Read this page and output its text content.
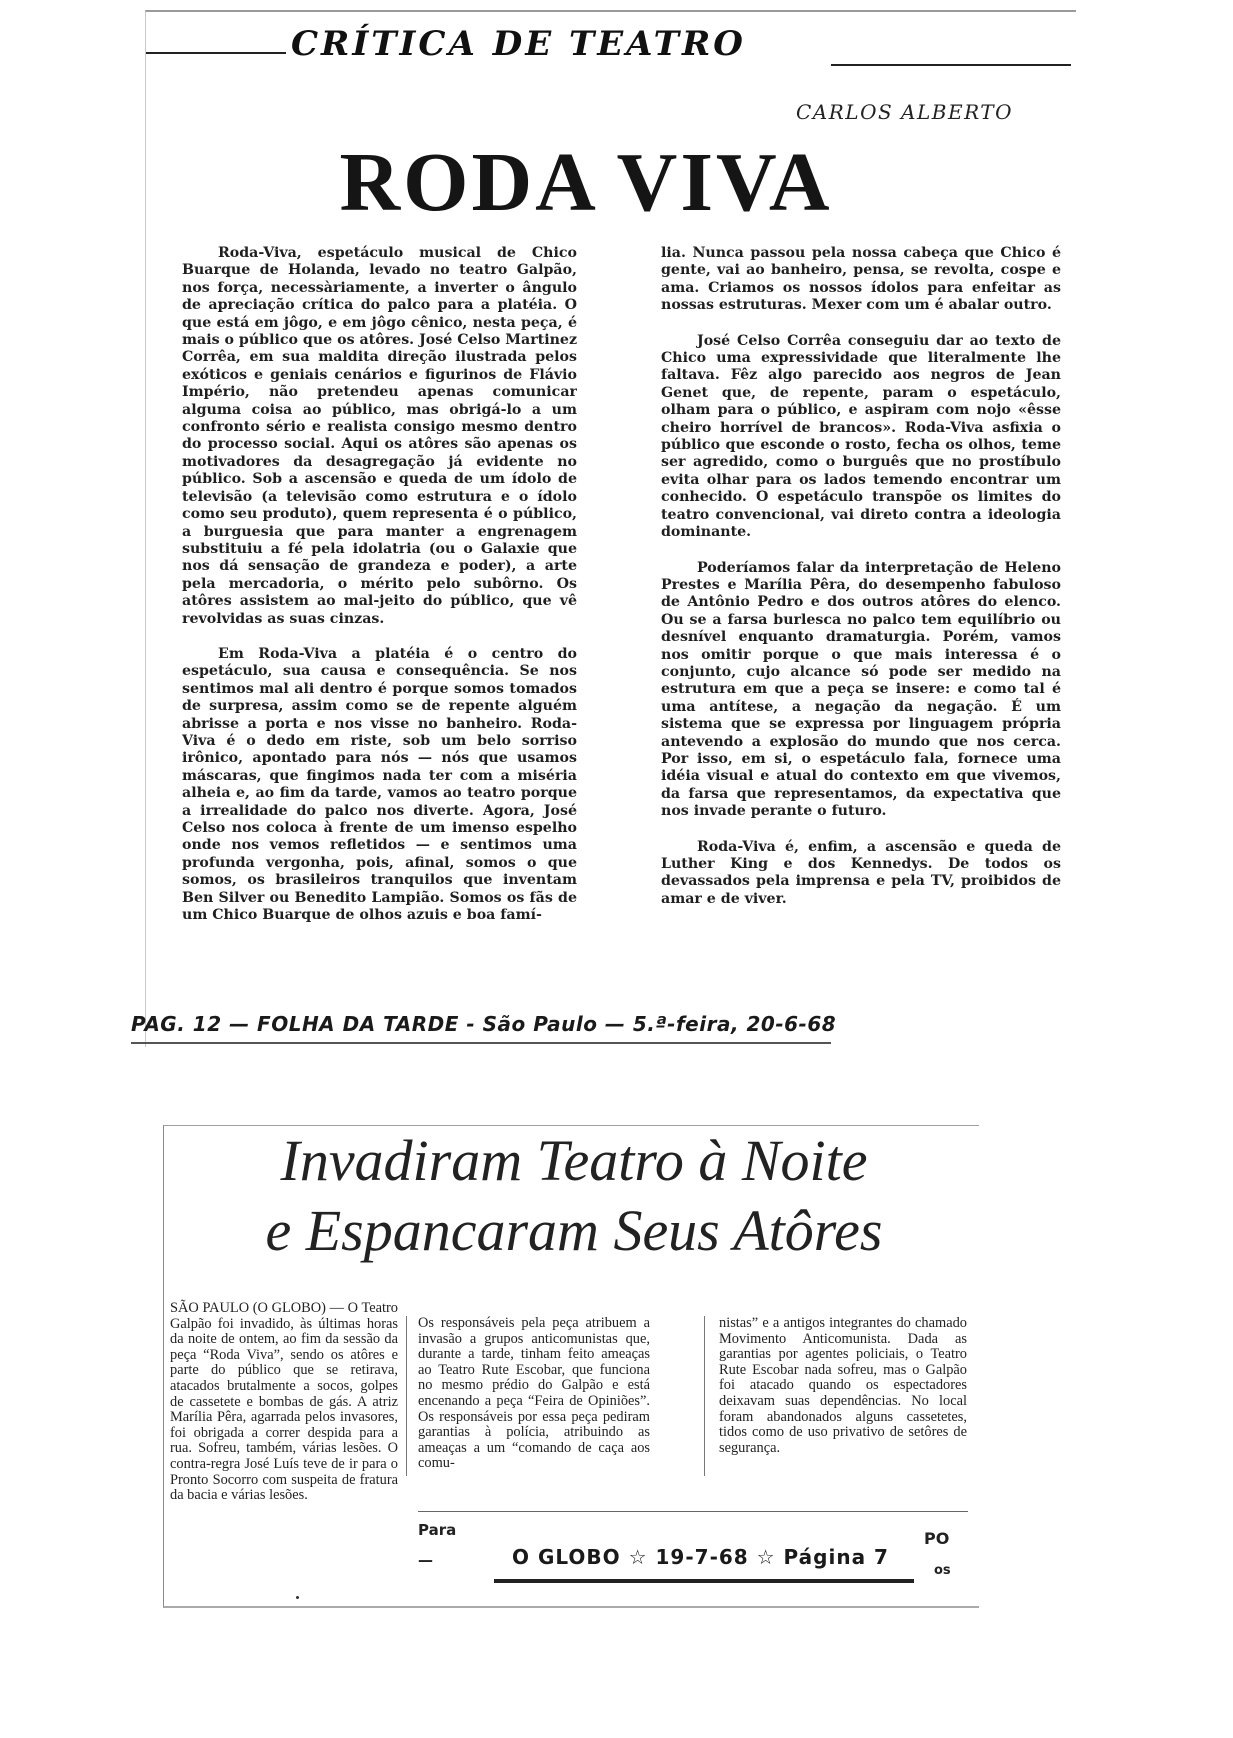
CRÍTICA DE TEATRO
CARLOS ALBERTO
RODA VIVA

Roda-Viva, espetáculo musical de Chico Buarque de Holanda, levado no teatro Galpão, nos força, necessàriamente, a inverter o ângulo de apreciação crítica do palco para a platéia. O que está em jôgo, e em jôgo cênico, nesta peça, é mais o público que os atôres. José Celso Martinez Corrêa, em sua maldita direção ilustrada pelos exóticos e geniais cenários e figurinos de Flávio Império, não pretendeu apenas comunicar alguma coisa ao público, mas obrigá-lo a um confronto sério e realista consigo mesmo dentro do processo social. Aqui os atôres são apenas os motivadores da desagregação já evidente no público. Sob a ascensão e queda de um ídolo de televisão (a televisão como estrutura e o ídolo como seu produto), quem representa é o público, a burguesia que para manter a engrenagem substituiu a fé pela idolatria (ou o Galaxie que nos dá sensação de grandeza e poder), a arte pela mercadoria, o mérito pelo subôrno. Os atôres assistem ao mal-jeito do público, que vê revolvidas as suas cinzas.

Em Roda-Viva a platéia é o centro do espetáculo, sua causa e consequência. Se nos sentimos mal ali dentro é porque somos tomados de surpresa, assim como se de repente alguém abrisse a porta e nos visse no banheiro. Roda-Viva é o dedo em riste, sob um belo sorriso irônico, apontado para nós — nós que usamos máscaras, que fingimos nada ter com a miséria alheia e, ao fim da tarde, vamos ao teatro porque a irrealidade do palco nos diverte. Agora, José Celso nos coloca à frente de um imenso espelho onde nos vemos refletidos — e sentimos uma profunda vergonha, pois, afinal, somos o que somos, os brasileiros tranquilos que inventam Ben Silver ou Benedito Lampião. Somos os fãs de um Chico Buarque de olhos azuis e boa famí-

lia. Nunca passou pela nossa cabeça que Chico é gente, vai ao banheiro, pensa, se revolta, cospe e ama. Criamos os nossos ídolos para enfeitar as nossas estruturas. Mexer com um é abalar outro.

José Celso Corrêa conseguiu dar ao texto de Chico uma expressividade que literalmente lhe faltava. Fêz algo parecido aos negros de Jean Genet que, de repente, param o espetáculo, olham para o público, e aspiram com nojo «êsse cheiro horrível de brancos». Roda-Viva asfixia o público que esconde o rosto, fecha os olhos, teme ser agredido, como o burguês que no prostíbulo evita olhar para os lados temendo encontrar um conhecido. O espetáculo transpõe os limites do teatro convencional, vai direto contra a ideologia dominante.

Poderíamos falar da interpretação de Heleno Prestes e Marília Pêra, do desempenho fabuloso de Antônio Pedro e dos outros atôres do elenco. Ou se a farsa burlesca no palco tem equilíbrio ou desnível enquanto dramaturgia. Porém, vamos nos omitir porque o que mais interessa é o conjunto, cujo alcance só pode ser medido na estrutura em que a peça se insere: e como tal é uma antítese, a negação da negação. É um sistema que se expressa por linguagem própria antevendo a explosão do mundo que nos cerca. Por isso, em si, o espetáculo fala, fornece uma idéia visual e atual do contexto em que vivemos, da farsa que representamos, da expectativa que nos invade perante o futuro.

Roda-Viva é, enfim, a ascensão e queda de Luther King e dos Kennedys. De todos os devassados pela imprensa e pela TV, proibidos de amar e de viver.

PAG. 12 — FOLHA DA TARDE - São Paulo — 5.ª-feira, 20-6-68
Invadiram Teatro à Noite
e Espancaram Seus Atôres

SÃO PAULO (O GLOBO) — O Teatro Galpão foi invadido, às últimas horas da noite de ontem, ao fim da sessão da peça “Roda Viva”, sendo os atôres e parte do público que se retirava, atacados brutalmente a socos, golpes de cassetete e bombas de gás. A atriz Marília Pêra, agarrada pelos invasores, foi obrigada a correr despida para a rua. Sofreu, também, várias lesões. O contra-regra José Luís teve de ir para o Pronto Socorro com suspeita de fratura da bacia e várias lesões.

Os responsáveis pela peça atribuem a invasão a grupos anticomunistas que, durante a tarde, tinham feito ameaças ao Teatro Rute Escobar, que funciona no mesmo prédio do Galpão e está encenando a peça “Feira de Opiniões”. Os responsáveis por essa peça pediram garantias à polícia, atribuindo as ameaças a um “comando de caça aos comu-

nistas” e a antigos integrantes do chamado Movimento Anticomunista. Dada as garantias por agentes policiais, o Teatro Rute Escobar nada sofreu, mas o Galpão foi atacado quando os espectadores deixavam suas dependências. No local foram abandonados alguns cassetetes, tidos como de uso privativo de setôres de segurança.

Para
—
PO
os
O GLOBO ☆ 19-7-68 ☆ Página 7
